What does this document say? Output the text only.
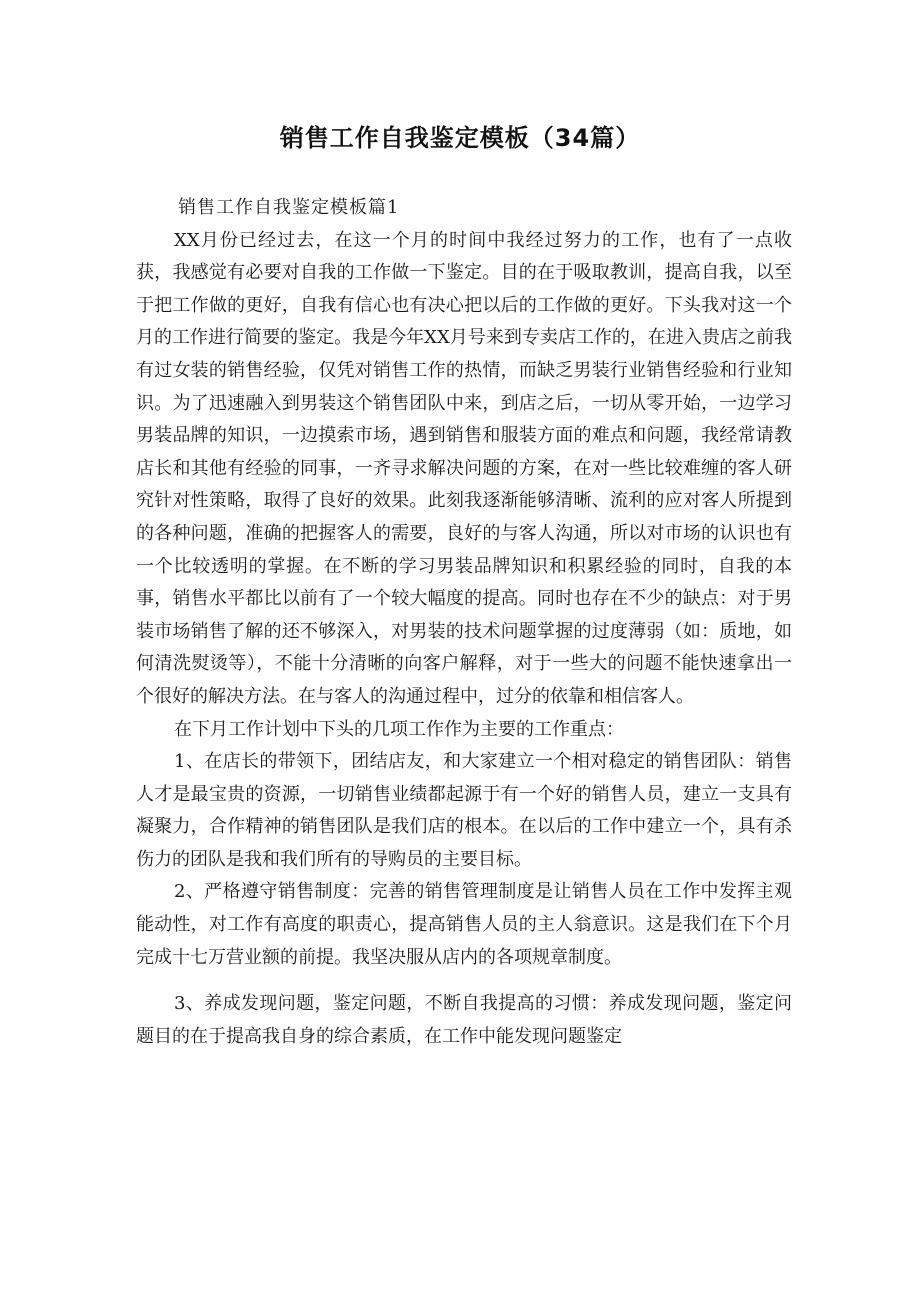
销售工作自我鉴定模板（34篇）

销售工作自我鉴定模板篇1

XX月份已经过去，在这一个月的时间中我经过努力的工作，也有了一点收获，我感觉有必要对自我的工作做一下鉴定。目的在于吸取教训，提高自我，以至于把工作做的更好，自我有信心也有决心把以后的工作做的更好。下头我对这一个月的工作进行简要的鉴定。我是今年XX月号来到专卖店工作的，在进入贵店之前我有过女装的销售经验，仅凭对销售工作的热情，而缺乏男装行业销售经验和行业知识。为了迅速融入到男装这个销售团队中来，到店之后，一切从零开始，一边学习男装品牌的知识，一边摸索市场，遇到销售和服装方面的难点和问题，我经常请教店长和其他有经验的同事，一齐寻求解决问题的方案，在对一些比较难缠的客人研究针对性策略，取得了良好的效果。此刻我逐渐能够清晰、流利的应对客人所提到的各种问题，准确的把握客人的需要，良好的与客人沟通，所以对市场的认识也有一个比较透明的掌握。在不断的学习男装品牌知识和积累经验的同时，自我的本事，销售水平都比以前有了一个较大幅度的提高。同时也存在不少的缺点：对于男装市场销售了解的还不够深入，对男装的技术问题掌握的过度薄弱（如：质地，如何清洗熨烫等），不能十分清晰的向客户解释，对于一些大的问题不能快速拿出一个很好的解决方法。在与客人的沟通过程中，过分的依靠和相信客人。

在下月工作计划中下头的几项工作作为主要的工作重点：

1、在店长的带领下，团结店友，和大家建立一个相对稳定的销售团队：销售人才是最宝贵的资源，一切销售业绩都起源于有一个好的销售人员，建立一支具有凝聚力，合作精神的销售团队是我们店的根本。在以后的工作中建立一个，具有杀伤力的团队是我和我们所有的导购员的主要目标。

2、严格遵守销售制度：完善的销售管理制度是让销售人员在工作中发挥主观能动性，对工作有高度的职责心，提高销售人员的主人翁意识。这是我们在下个月完成十七万营业额的前提。我坚决服从店内的各项规章制度。

3、养成发现问题，鉴定问题，不断自我提高的习惯：养成发现问题，鉴定问题目的在于提高我自身的综合素质，在工作中能发现问题鉴定
